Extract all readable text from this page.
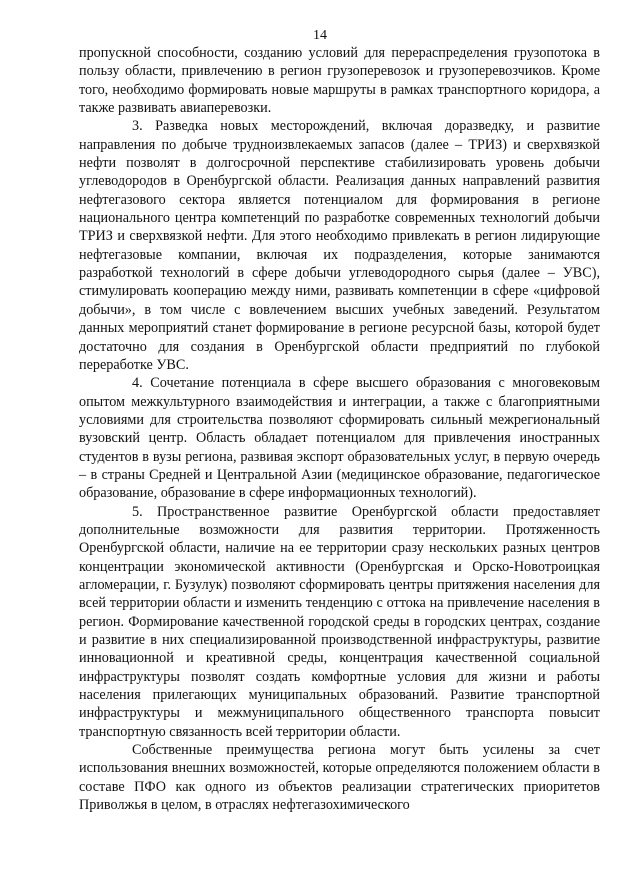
14

пропускной способности, созданию условий для перераспределения грузопотока в пользу области, привлечению в регион грузоперевозок и грузоперевозчиков. Кроме того, необходимо формировать новые маршруты в рамках транспортного коридора, а также развивать авиаперевозки.

3. Разведка новых месторождений, включая доразведку, и развитие направления по добыче трудноизвлекаемых запасов (далее – ТРИЗ) и сверхвязкой нефти позволят в долгосрочной перспективе стабилизировать уровень добычи углеводородов в Оренбургской области. Реализация данных направлений развития нефтегазового сектора является потенциалом для формирования в регионе национального центра компетенций по разработке современных технологий добычи ТРИЗ и сверхвязкой нефти. Для этого необходимо привлекать в регион лидирующие нефтегазовые компании, включая их подразделения, которые занимаются разработкой технологий в сфере добычи углеводородного сырья (далее – УВС), стимулировать кооперацию между ними, развивать компетенции в сфере «цифровой добычи», в том числе с вовлечением высших учебных заведений. Результатом данных мероприятий станет формирование в регионе ресурсной базы, которой будет достаточно для создания в Оренбургской области предприятий по глубокой переработке УВС.

4. Сочетание потенциала в сфере высшего образования с многовековым опытом межкультурного взаимодействия и интеграции, а также с благоприятными условиями для строительства позволяют сформировать сильный межрегиональный вузовский центр. Область обладает потенциалом для привлечения иностранных студентов в вузы региона, развивая экспорт образовательных услуг, в первую очередь – в страны Средней и Центральной Азии (медицинское образование, педагогическое образование, образование в сфере информационных технологий).

5. Пространственное развитие Оренбургской области предоставляет дополнительные возможности для развития территории. Протяженность Оренбургской области, наличие на ее территории сразу нескольких разных центров концентрации экономической активности (Оренбургская и Орско-Новотроицкая агломерации, г. Бузулук) позволяют сформировать центры притяжения населения для всей территории области и изменить тенденцию с оттока на привлечение населения в регион. Формирование качественной городской среды в городских центрах, создание и развитие в них специализированной производственной инфраструктуры, развитие инновационной и креативной среды, концентрация качественной социальной инфраструктуры позволят создать комфортные условия для жизни и работы населения прилегающих муниципальных образований. Развитие транспортной инфраструктуры и межмуниципального общественного транспорта повысит транспортную связанность всей территории области.

Собственные преимущества региона могут быть усилены за счет использования внешних возможностей, которые определяются положением области в составе ПФО как одного из объектов реализации стратегических приоритетов Приволжья в целом, в отраслях нефтегазохимического
